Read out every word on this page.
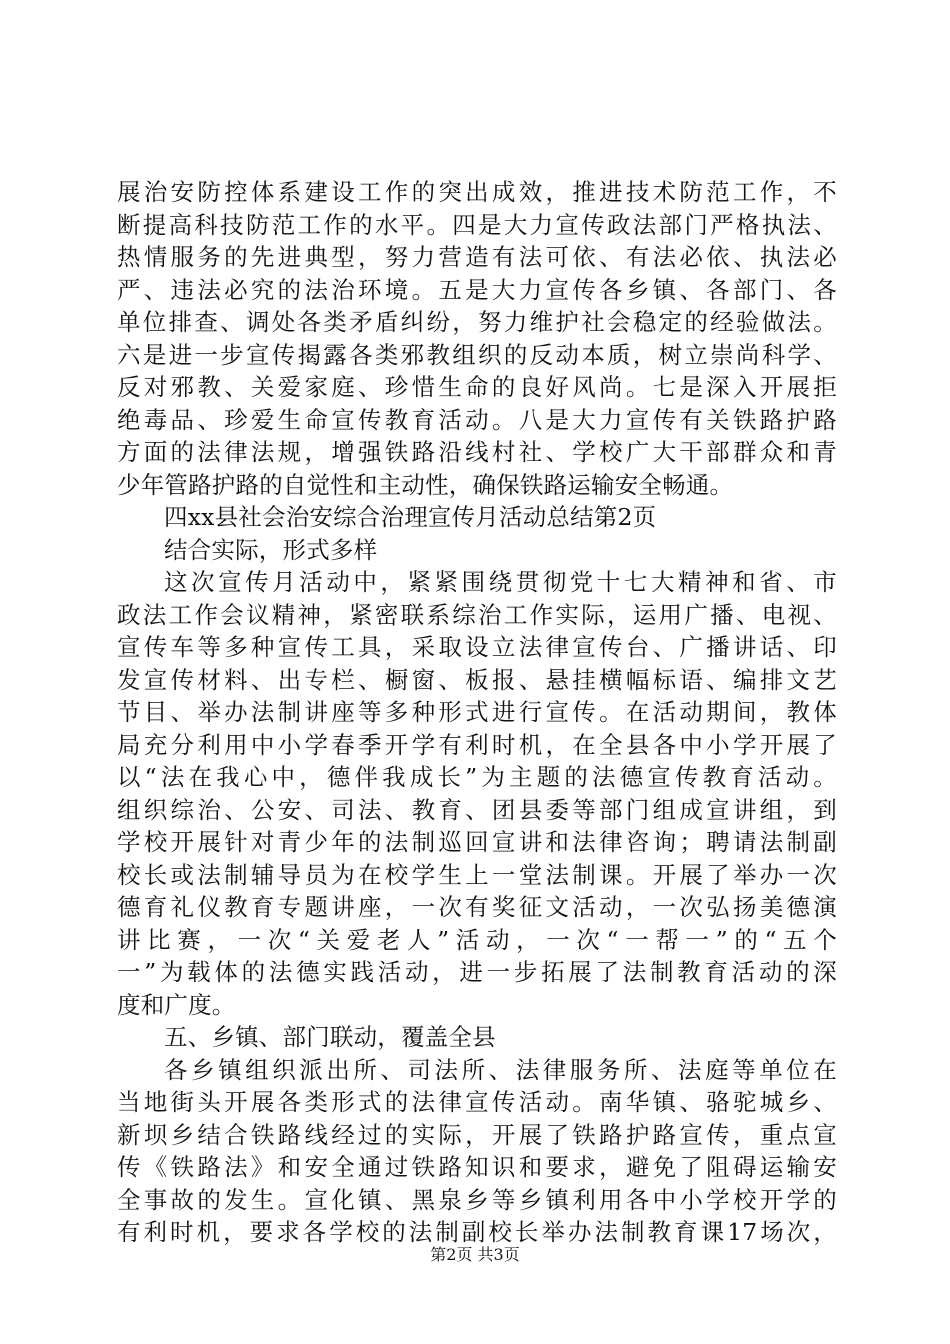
展治安防控体系建设工作的突出成效，推进技术防范工作，不
断提高科技防范工作的水平。四是大力宣传政法部门严格执法、
热情服务的先进典型，努力营造有法可依、有法必依、执法必
严、违法必究的法治环境。五是大力宣传各乡镇、各部门、各
单位排查、调处各类矛盾纠纷，努力维护社会稳定的经验做法。
六是进一步宣传揭露各类邪教组织的反动本质，树立崇尚科学、
反对邪教、关爱家庭、珍惜生命的良好风尚。七是深入开展拒
绝毒品、珍爱生命宣传教育活动。八是大力宣传有关铁路护路
方面的法律法规，增强铁路沿线村社、学校广大干部群众和青
少年管路护路的自觉性和主动性，确保铁路运输安全畅通。
四xx县社会治安综合治理宣传月活动总结第2页
结合实际，形式多样
这次宣传月活动中，紧紧围绕贯彻党十七大精神和省、市
政法工作会议精神，紧密联系综治工作实际，运用广播、电视、
宣传车等多种宣传工具，采取设立法律宣传台、广播讲话、印
发宣传材料、出专栏、橱窗、板报、悬挂横幅标语、编排文艺
节目、举办法制讲座等多种形式进行宣传。在活动期间，教体
局充分利用中小学春季开学有利时机，在全县各中小学开展了
以“法在我心中，德伴我成长”为主题的法德宣传教育活动。
组织综治、公安、司法、教育、团县委等部门组成宣讲组，到
学校开展针对青少年的法制巡回宣讲和法律咨询；聘请法制副
校长或法制辅导员为在校学生上一堂法制课。开展了举办一次
德育礼仪教育专题讲座，一次有奖征文活动，一次弘扬美德演
讲比赛，一次“关爱老人”活动，一次“一帮一”的“五个
一”为载体的法德实践活动，进一步拓展了法制教育活动的深
度和广度。
五、乡镇、部门联动，覆盖全县
各乡镇组织派出所、司法所、法律服务所、法庭等单位在
当地街头开展各类形式的法律宣传活动。南华镇、骆驼城乡、
新坝乡结合铁路线经过的实际，开展了铁路护路宣传，重点宣
传《铁路法》和安全通过铁路知识和要求，避免了阻碍运输安
全事故的发生。宣化镇、黑泉乡等乡镇利用各中小学校开学的
有利时机，要求各学校的法制副校长举办法制教育课17场次，
第2页 共3页
